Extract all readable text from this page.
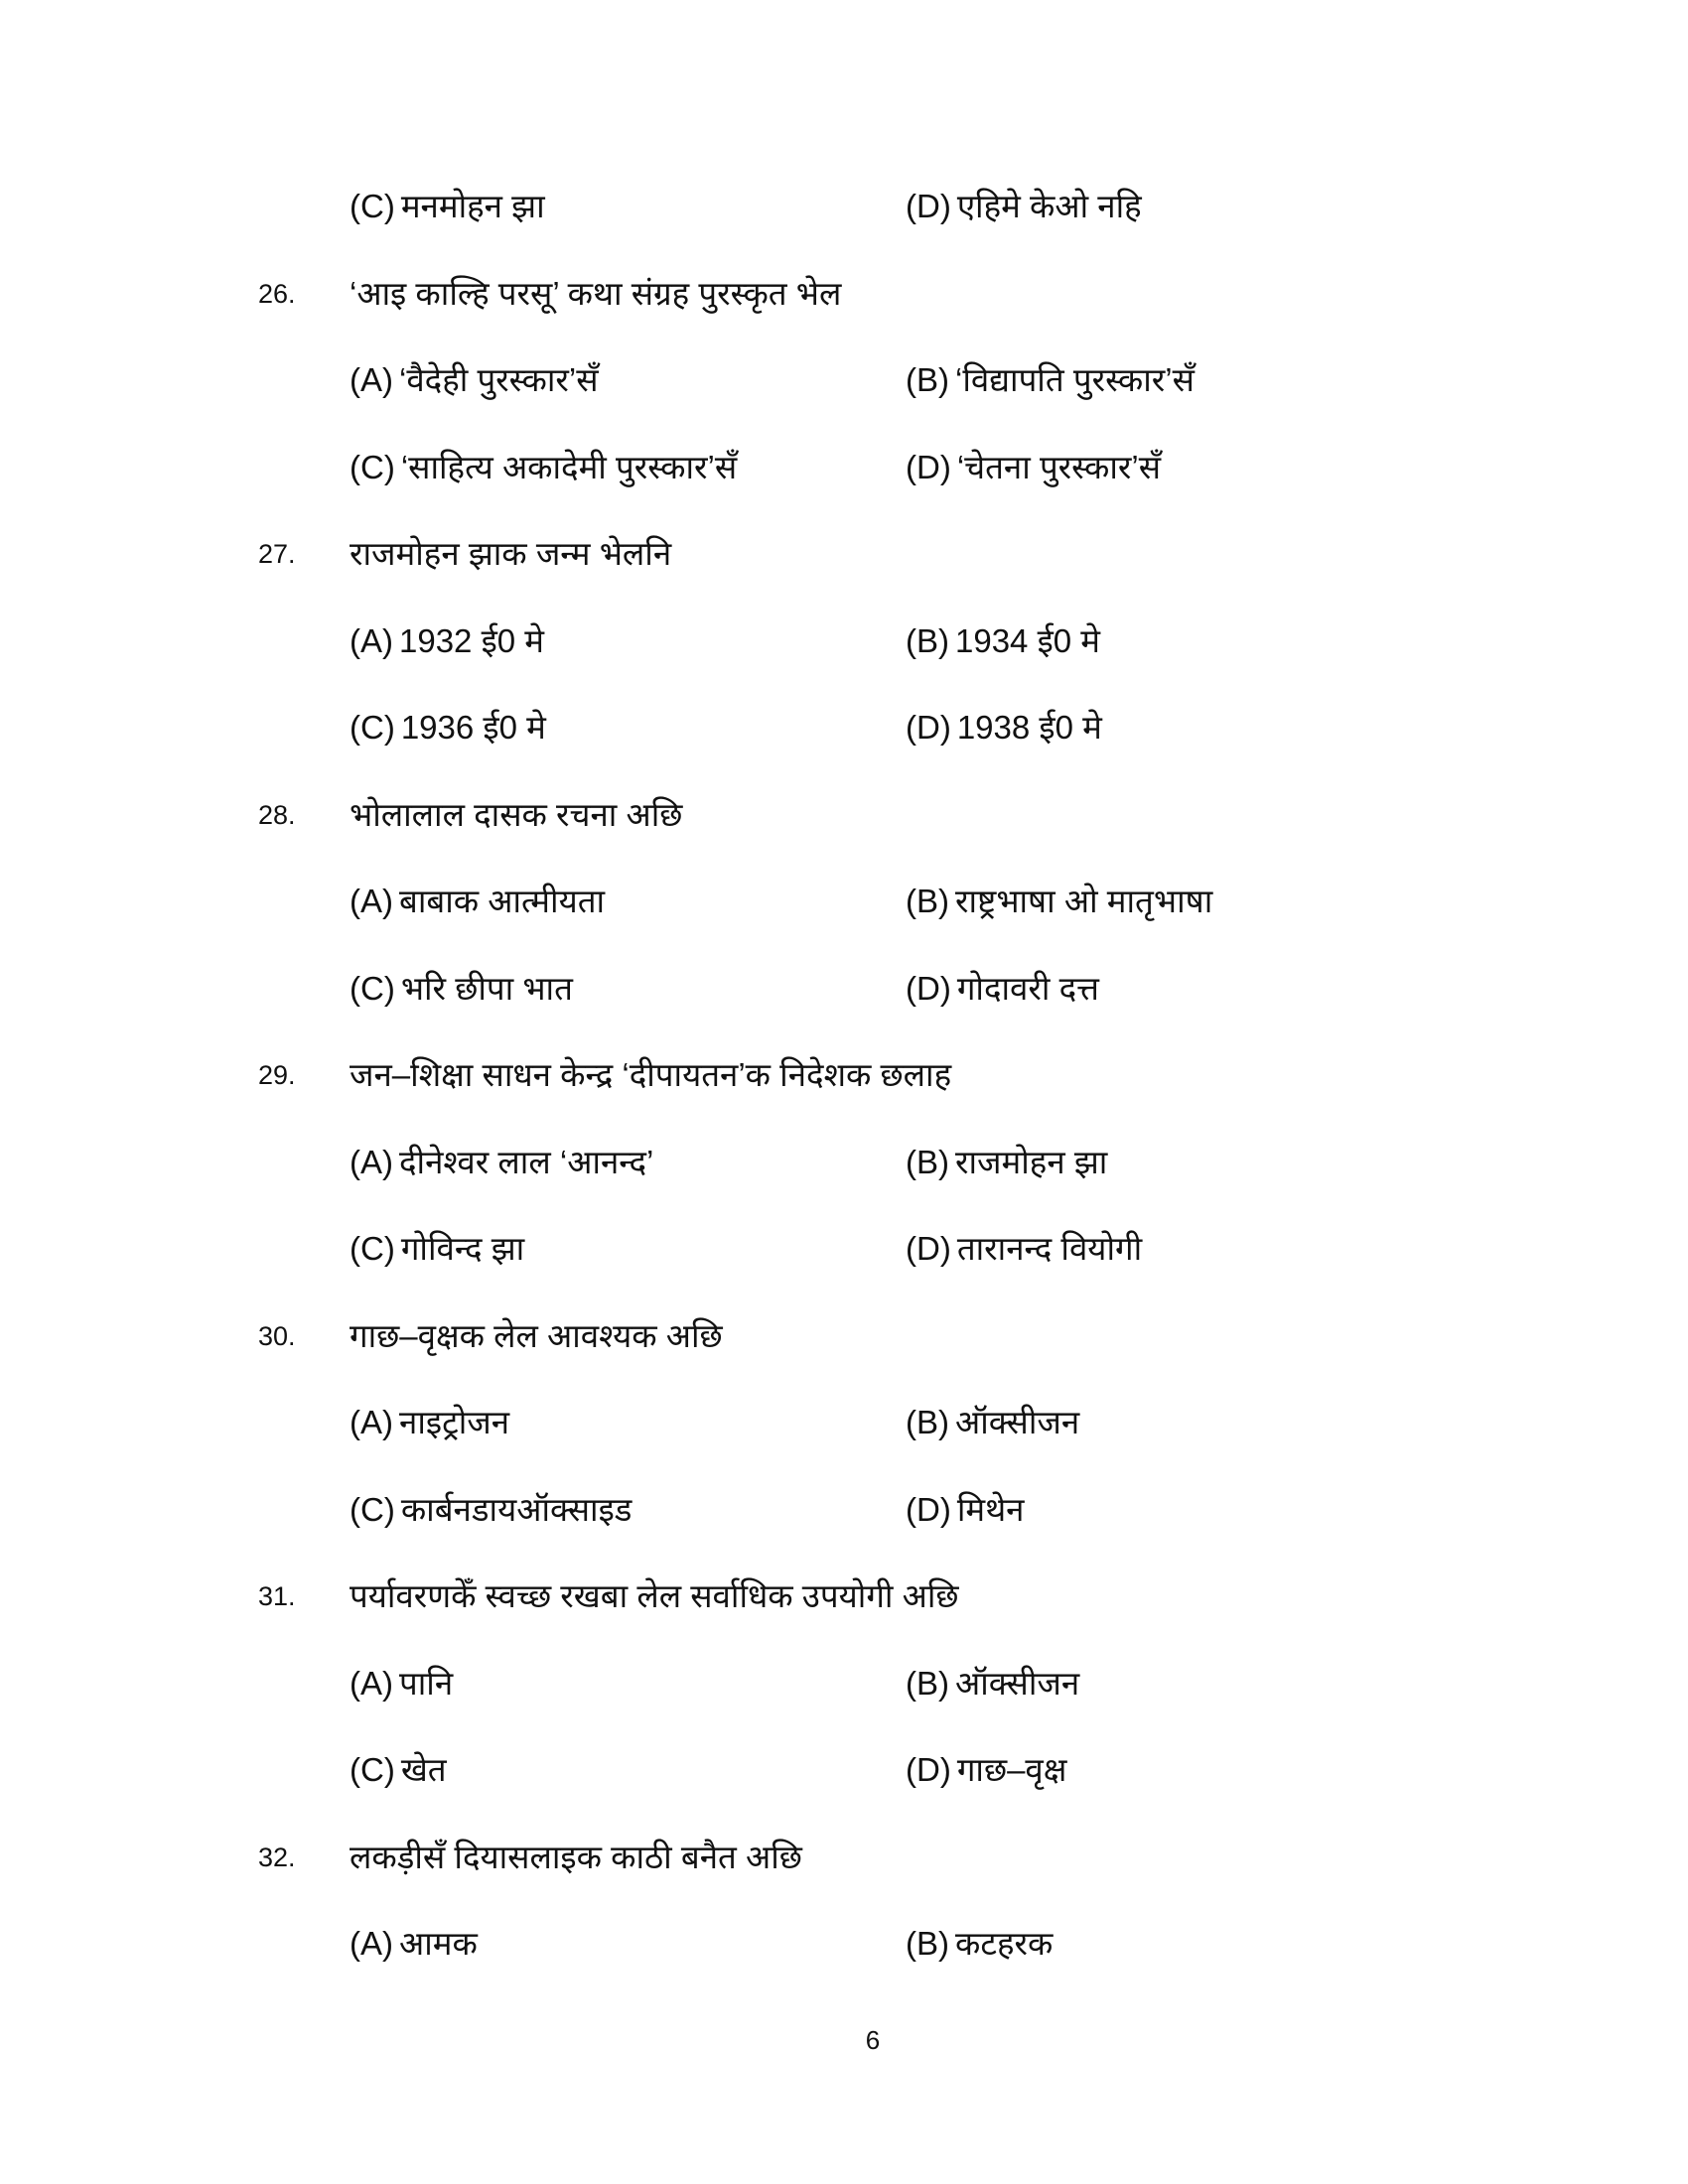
(C) मनमोहन झा	(D) एहिमे केओ नहि
26. ‘आइ काल्हि परसू’ कथा संग्रह पुरस्कृत भेल
(A) ‘वैदेही पुरस्कार’सँ	(B) ‘विद्यापति पुरस्कार’सँ
(C) ‘साहित्य अकादेमी पुरस्कार’सँ	(D) ‘चेतना पुरस्कार’सँ
27. राजमोहन झाक जन्म भेलनि
(A) 1932 ई0 मे	(B) 1934 ई0 मे
(C) 1936 ई0 मे	(D) 1938 ई0 मे
28. भोलालाल दासक रचना अछि
(A) बाबाक आत्मीयता	(B) राष्ट्रभाषा ओ मातृभाषा
(C) भरि छीपा भात	(D) गोदावरी दत्त
29. जन–शिक्षा साधन केन्द्र ‘दीपायतन’क निदेशक छलाह
(A) दीनेश्वर लाल ‘आनन्द’	(B) राजमोहन झा
(C) गोविन्द झा	(D) तारानन्द वियोगी
30. गाछ–वृक्षक लेल आवश्यक अछि
(A) नाइट्रोजन	(B) ऑक्सीजन
(C) कार्बनडायऑक्साइड	(D) मिथेन
31. पर्यावरणकेँ स्वच्छ रखबा लेल सर्वाधिक उपयोगी अछि
(A) पानि	(B) ऑक्सीजन
(C) खेत	(D) गाछ–वृक्ष
32. लकड़ीसँ दियासलाइक काठी बनैत अछि
(A) आमक	(B) कटहरक
6
